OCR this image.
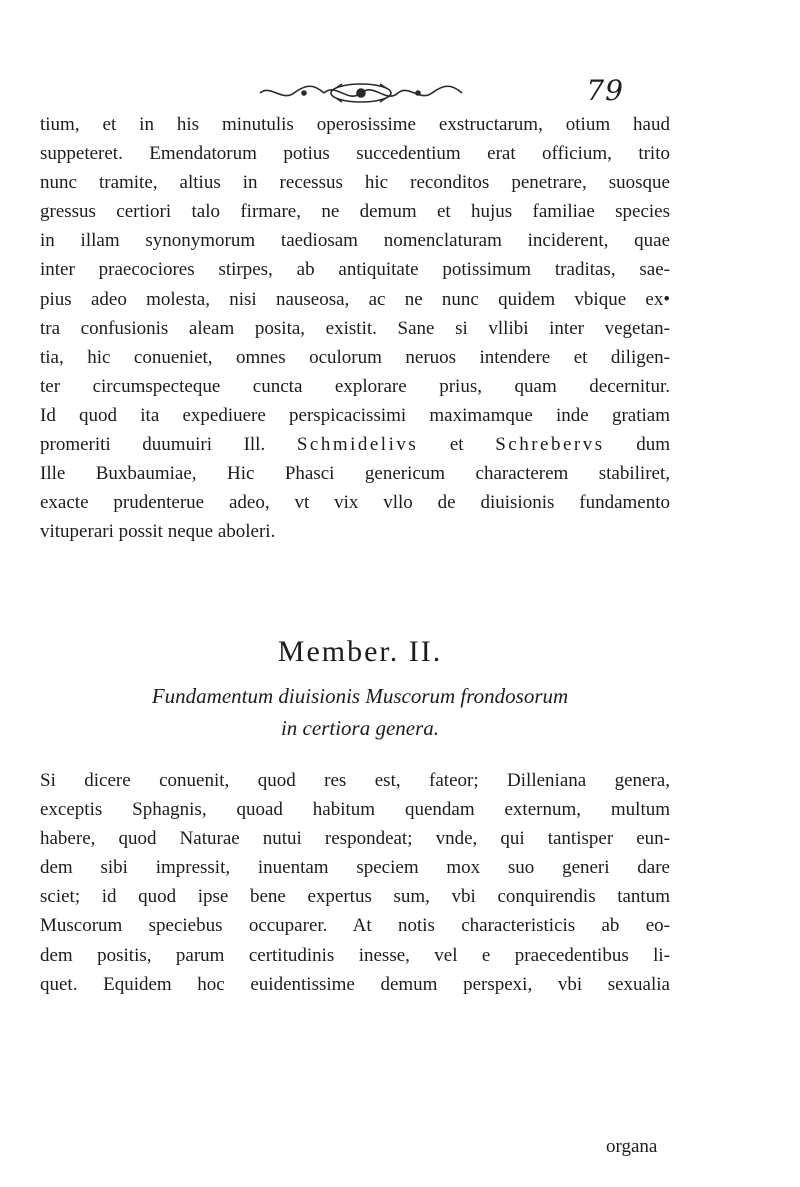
79
tium, et in his minutulis operosissime exstructarum, otium haud
suppeteret. Emendatorum potius succedentium erat officium, trito
nunc tramite, altius in recessus hic reconditos penetrare, suosque
gressus certiori talo firmare, ne demum et hujus familiae species
in illam synonymorum taediosam nomenclaturam inciderent, quae
inter praecociores stirpes, ab antiquitate potissimum traditas, sae-
pius adeo molesta, nisi nauseosa, ac ne nunc quidem vbique ex•
tra confusionis aleam posita, existit. Sane si vllibi inter vegetan-
tia, hic conueniet, omnes oculorum neruos intendere et diligen-
ter circumspecteque cuncta explorare prius, quam decernitur.
Id quod ita expediuere perspicacissimi maximamque inde gratiam
promeriti duumuiri Ill. Schmidelivs et Schrebervs dum
Ille Buxbaumiae, Hic Phasci genericum characterem stabiliret,
exacte prudenterue adeo, vt vix vllo de diuisionis fundamento
vituperari possit neque aboleri.
Member. II.
Fundamentum diuisionis Muscorum frondosorum
in certiora genera.
Si dicere conuenit, quod res est, fateor; Dilleniana genera,
exceptis Sphagnis, quoad habitum quendam externum, multum
habere, quod Naturae nutui respondeat; vnde, qui tantisper eun-
dem sibi impressit, inuentam speciem mox suo generi dare
sciet; id quod ipse bene expertus sum, vbi conquirendis tantum
Muscorum speciebus occuparer. At notis characteristicis ab eo-
dem positis, parum certitudinis inesse, vel e praecedentibus li-
quet. Equidem hoc euidentissime demum perspexi, vbi sexualia
organa
